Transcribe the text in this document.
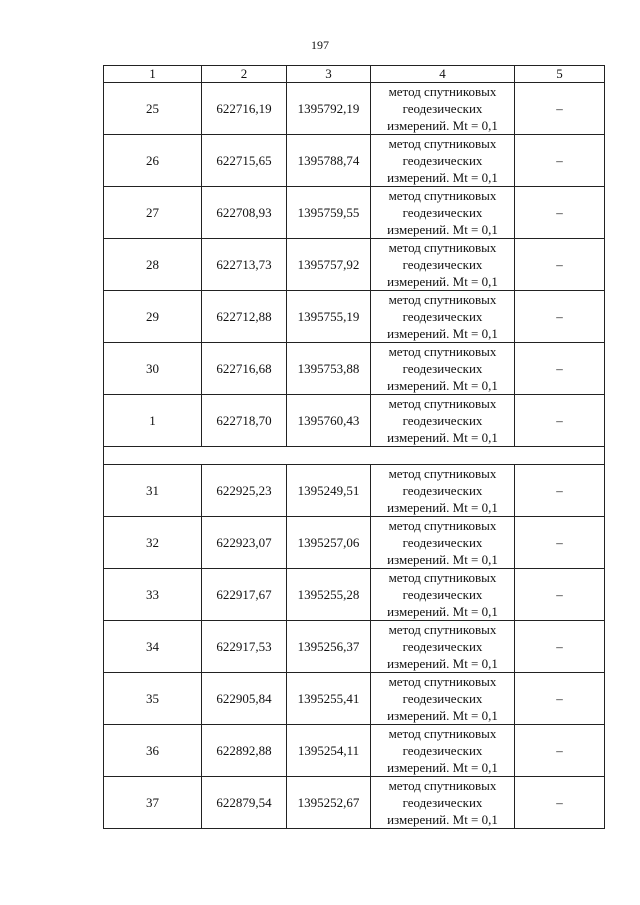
197
1	2	3	4	5
25	622716,19	1395792,19	метод спутниковых
геодезических
измерений. Mt = 0,1	–
26	622715,65	1395788,74	метод спутниковых
геодезических
измерений. Mt = 0,1	–
27	622708,93	1395759,55	метод спутниковых
геодезических
измерений. Mt = 0,1	–
28	622713,73	1395757,92	метод спутниковых
геодезических
измерений. Mt = 0,1	–
29	622712,88	1395755,19	метод спутниковых
геодезических
измерений. Mt = 0,1	–
30	622716,68	1395753,88	метод спутниковых
геодезических
измерений. Mt = 0,1	–
1	622718,70	1395760,43	метод спутниковых
геодезических
измерений. Mt = 0,1	–

31	622925,23	1395249,51	метод спутниковых
геодезических
измерений. Mt = 0,1	–
32	622923,07	1395257,06	метод спутниковых
геодезических
измерений. Mt = 0,1	–
33	622917,67	1395255,28	метод спутниковых
геодезических
измерений. Mt = 0,1	–
34	622917,53	1395256,37	метод спутниковых
геодезических
измерений. Mt = 0,1	–
35	622905,84	1395255,41	метод спутниковых
геодезических
измерений. Mt = 0,1	–
36	622892,88	1395254,11	метод спутниковых
геодезических
измерений. Mt = 0,1	–
37	622879,54	1395252,67	метод спутниковых
геодезических
измерений. Mt = 0,1	–
